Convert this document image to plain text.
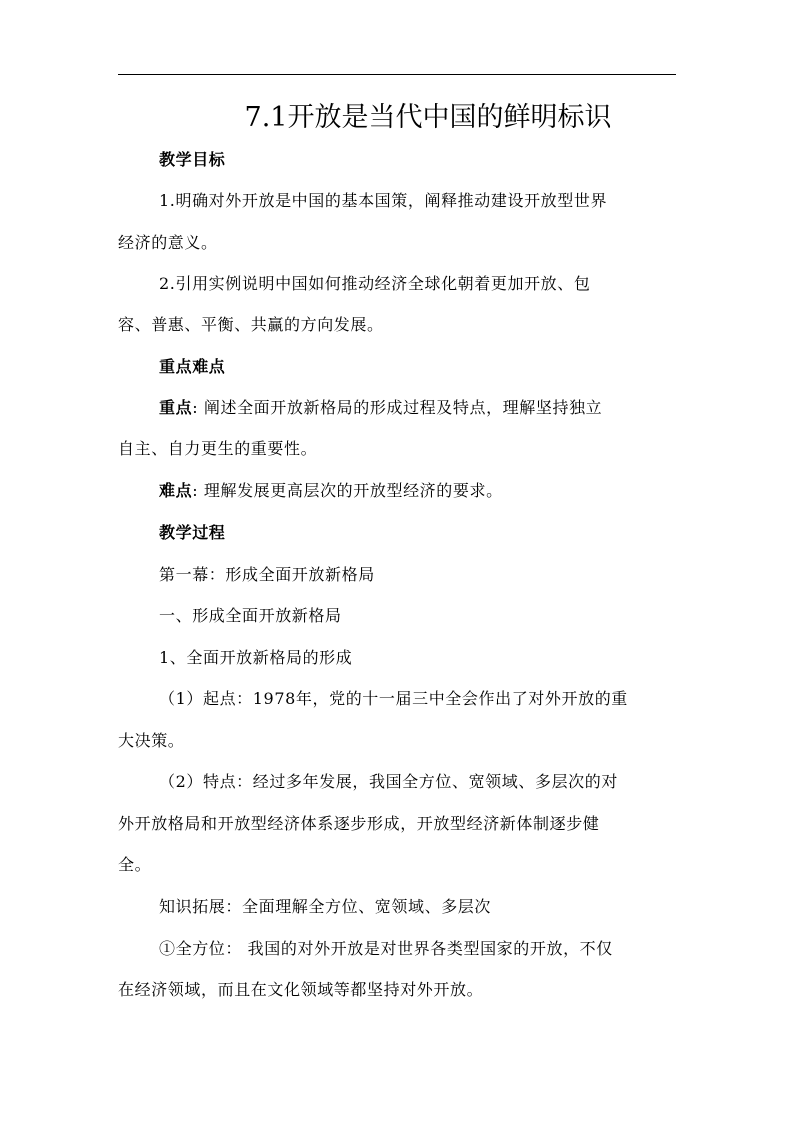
7.1开放是当代中国的鲜明标识
教学目标
1.明确对外开放是中国的基本国策，阐释推动建设开放型世界
经济的意义。
2.引用实例说明中国如何推动经济全球化朝着更加开放、包
容、普惠、平衡、共赢的方向发展。
重点难点
重点: 阐述全面开放新格局的形成过程及特点，理解坚持独立
自主、自力更生的重要性。
难点: 理解发展更高层次的开放型经济的要求。
教学过程
第一幕：形成全面开放新格局
一、形成全面开放新格局
1、全面开放新格局的形成
（1）起点：1978年，党的十一届三中全会作出了对外开放的重
大决策。
（2）特点：经过多年发展，我国全方位、宽领域、多层次的对
外开放格局和开放型经济体系逐步形成，开放型经济新体制逐步健
全。
知识拓展：全面理解全方位、宽领域、多层次
①全方位： 我国的对外开放是对世界各类型国家的开放，不仅
在经济领域，而且在文化领域等都坚持对外开放。
